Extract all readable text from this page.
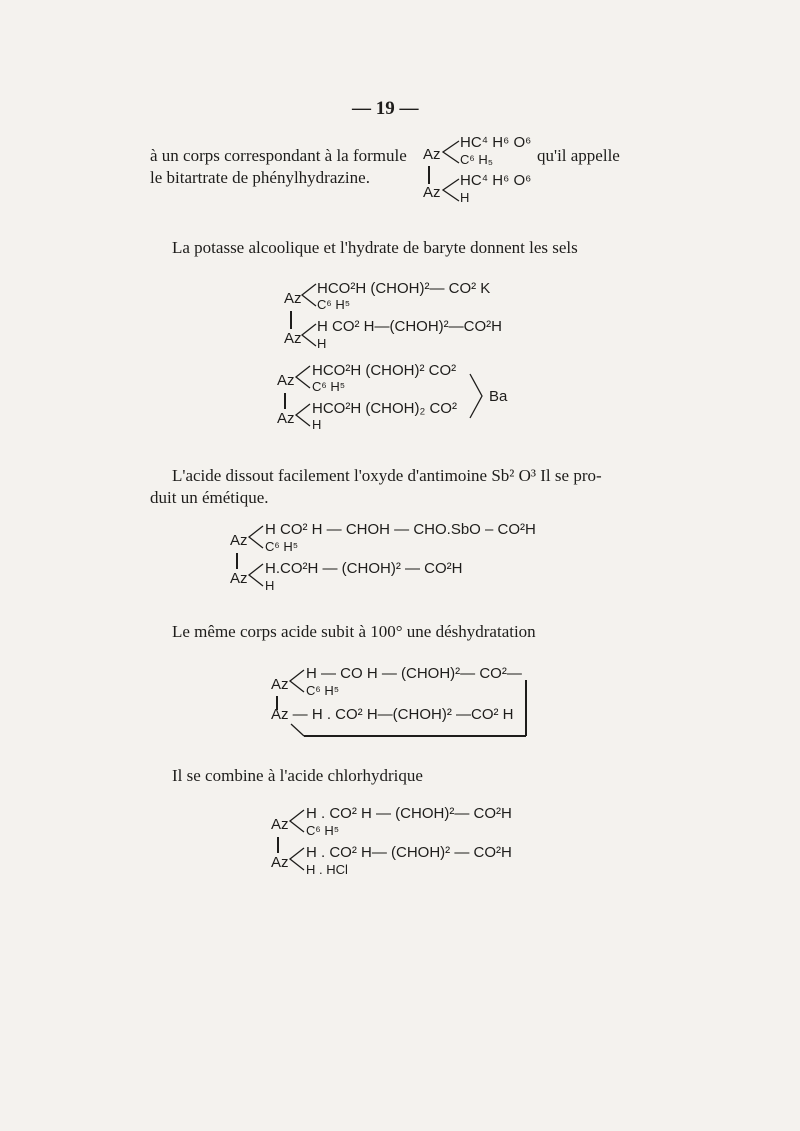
— 19 —
à un corps correspondant à la formule
le bitartrate de phénylhydrazine.
qu'il appelle
Az
HC⁴ H⁶ O⁶
C⁶ H₅
Az
HC⁴ H⁶ O⁶
H
La potasse alcoolique et l'hydrate de baryte donnent les sels
Az
HCO²H (CHOH)²— CO² K
C⁶ H⁵
Az
H CO² H—(CHOH)²—CO²H
H
Az
HCO²H (CHOH)² CO²
C⁶ H⁵
Az
HCO²H (CHOH)₂ CO²
H
Ba
L'acide dissout facilement l'oxyde d'antimoine Sb² O³ Il se pro-
duit un émétique.
Az
H CO² H — CHOH — CHO.SbO – CO²H
C⁶ H⁵
Az
H.CO²H — (CHOH)² — CO²H
H
Le même corps acide subit à 100° une déshydratation
Az
H — CO H — (CHOH)²— CO²—
C⁶ H⁵
Az — H . CO² H—(CHOH)² —CO² H
Il se combine à l'acide chlorhydrique
Az
H . CO² H — (CHOH)²— CO²H
C⁶ H⁵
Az
H . CO² H— (CHOH)² — CO²H
H . HCl
